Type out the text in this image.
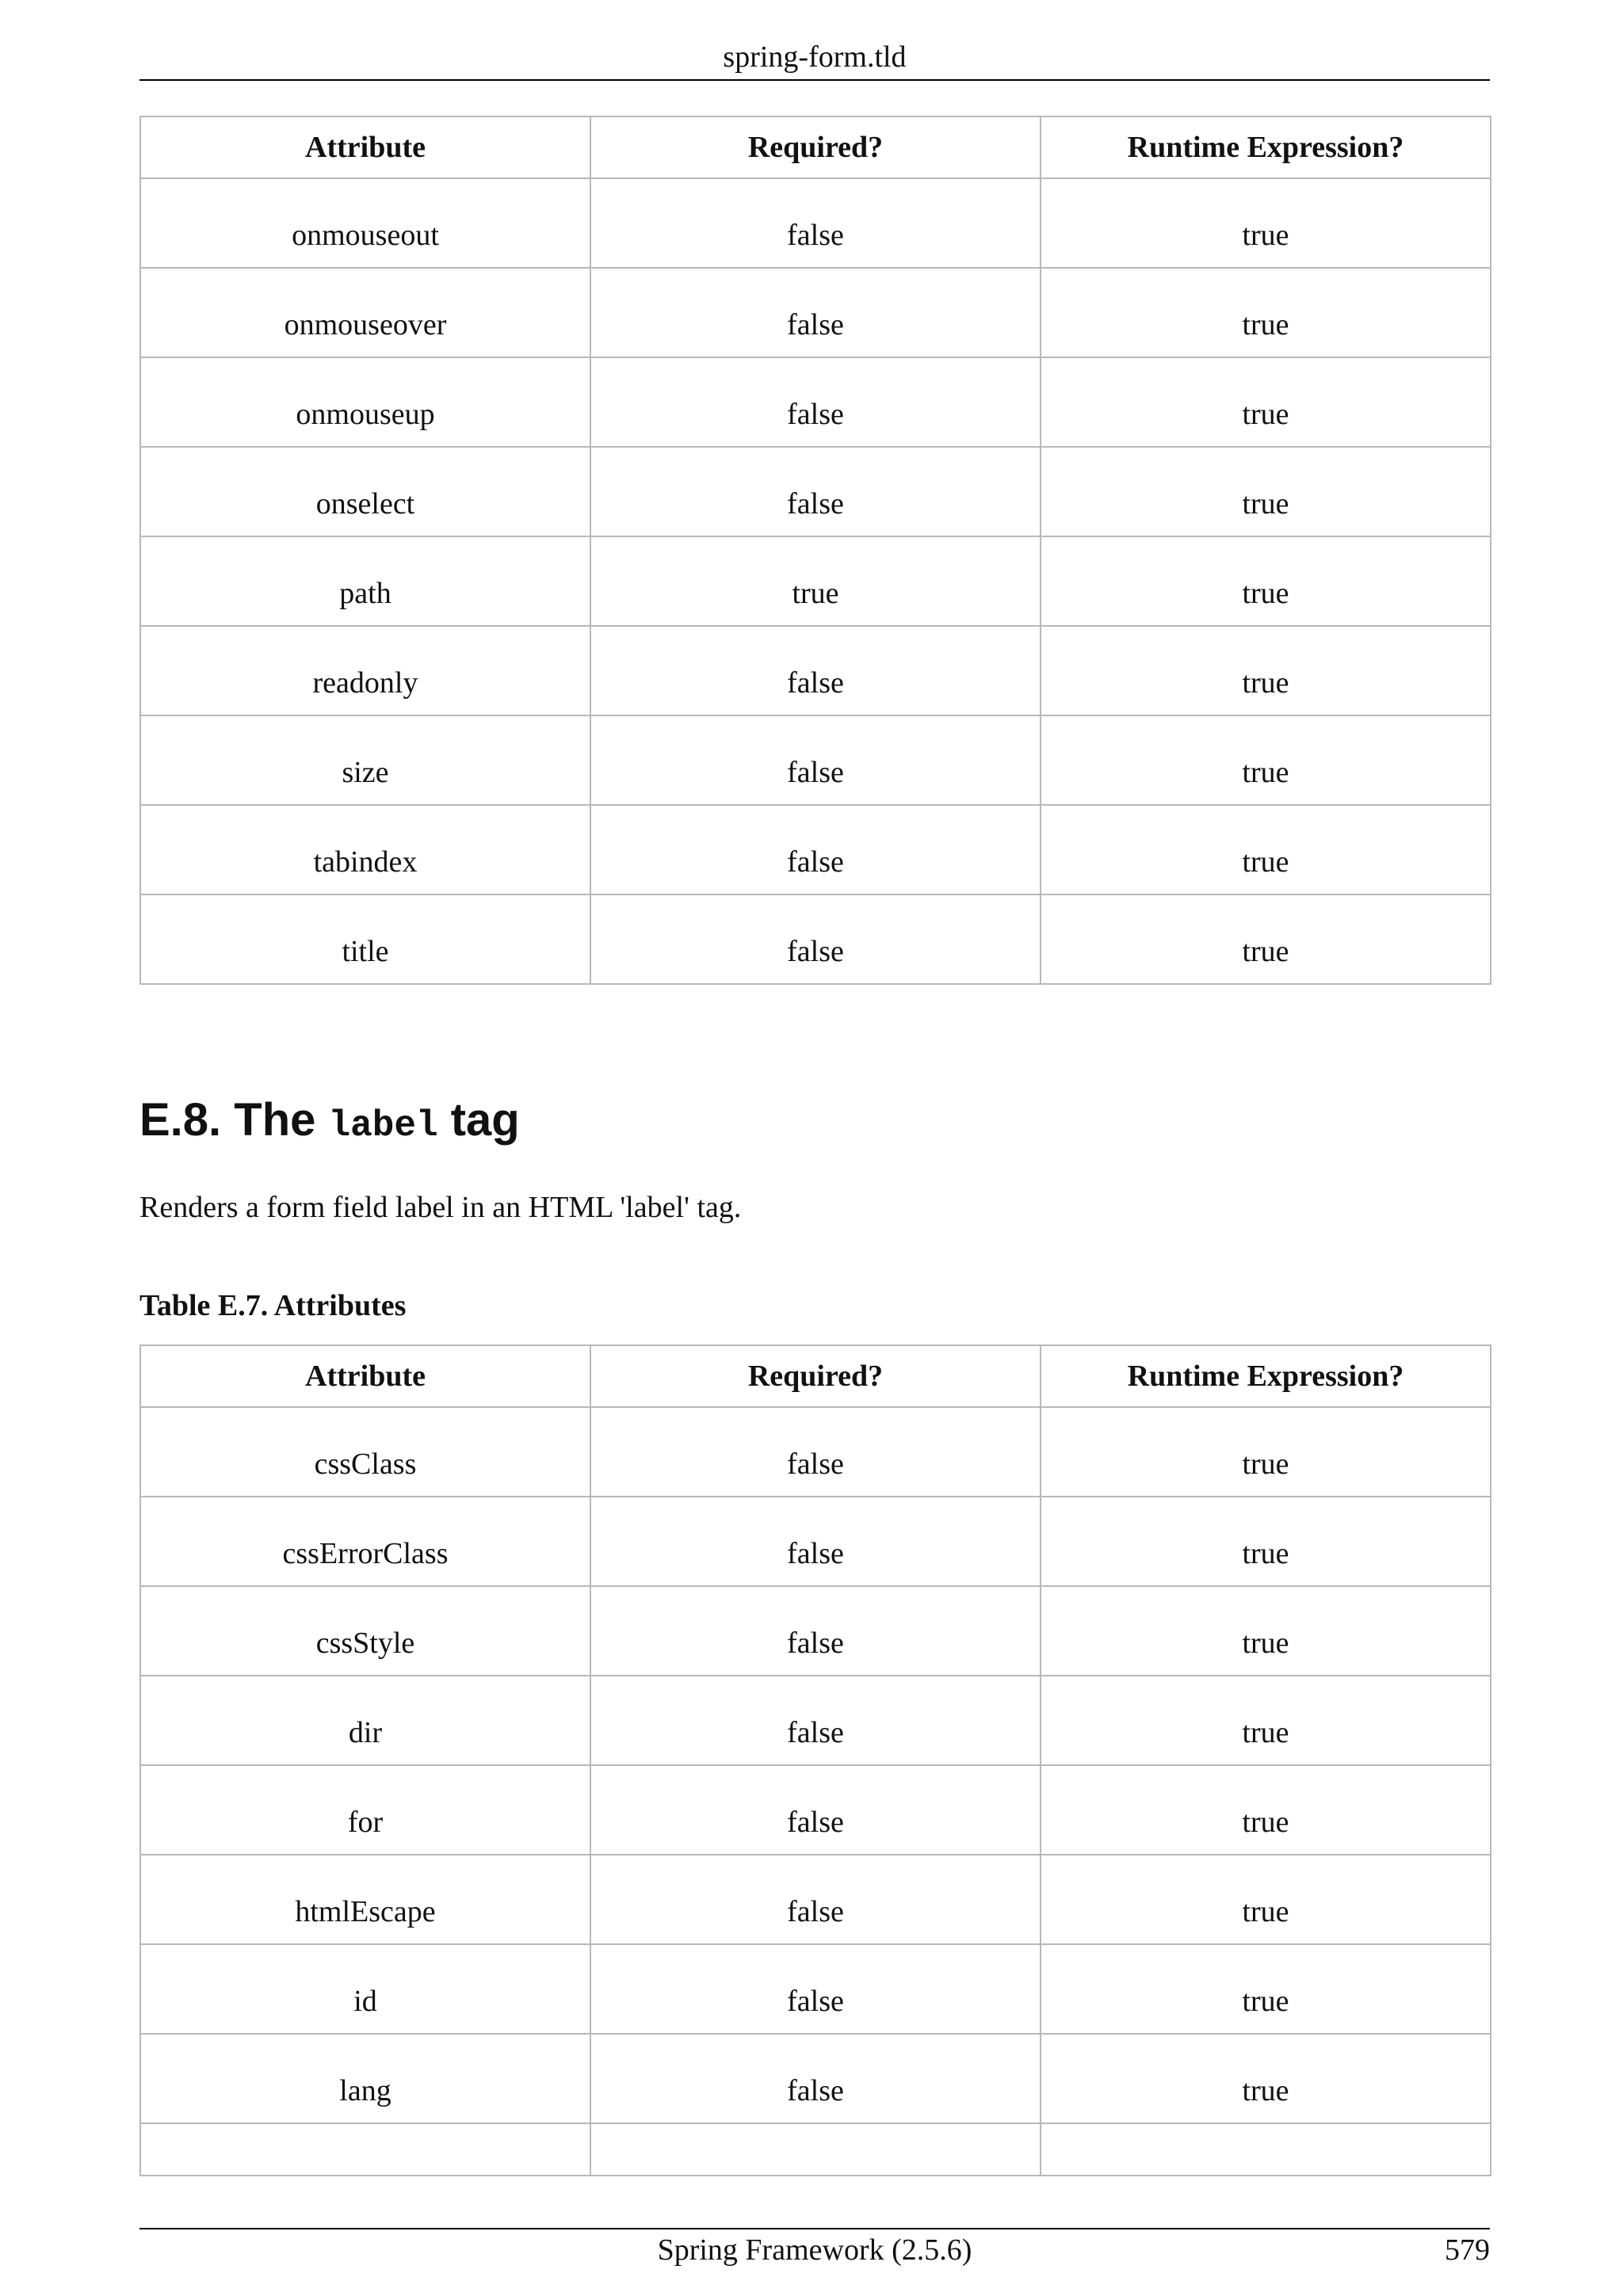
spring-form.tld
Attribute	Required?	Runtime Expression?
onmouseout	false	true
onmouseover	false	true
onmouseup	false	true
onselect	false	true
path	true	true
readonly	false	true
size	false	true
tabindex	false	true
title	false	true
E.8. The label tag

Renders a form field label in an HTML 'label' tag.

Table E.7. Attributes

Attribute	Required?	Runtime Expression?
cssClass	false	true
cssErrorClass	false	true
cssStyle	false	true
dir	false	true
for	false	true
htmlEscape	false	true
id	false	true
lang	false	true

Spring Framework (2.5.6)	579
